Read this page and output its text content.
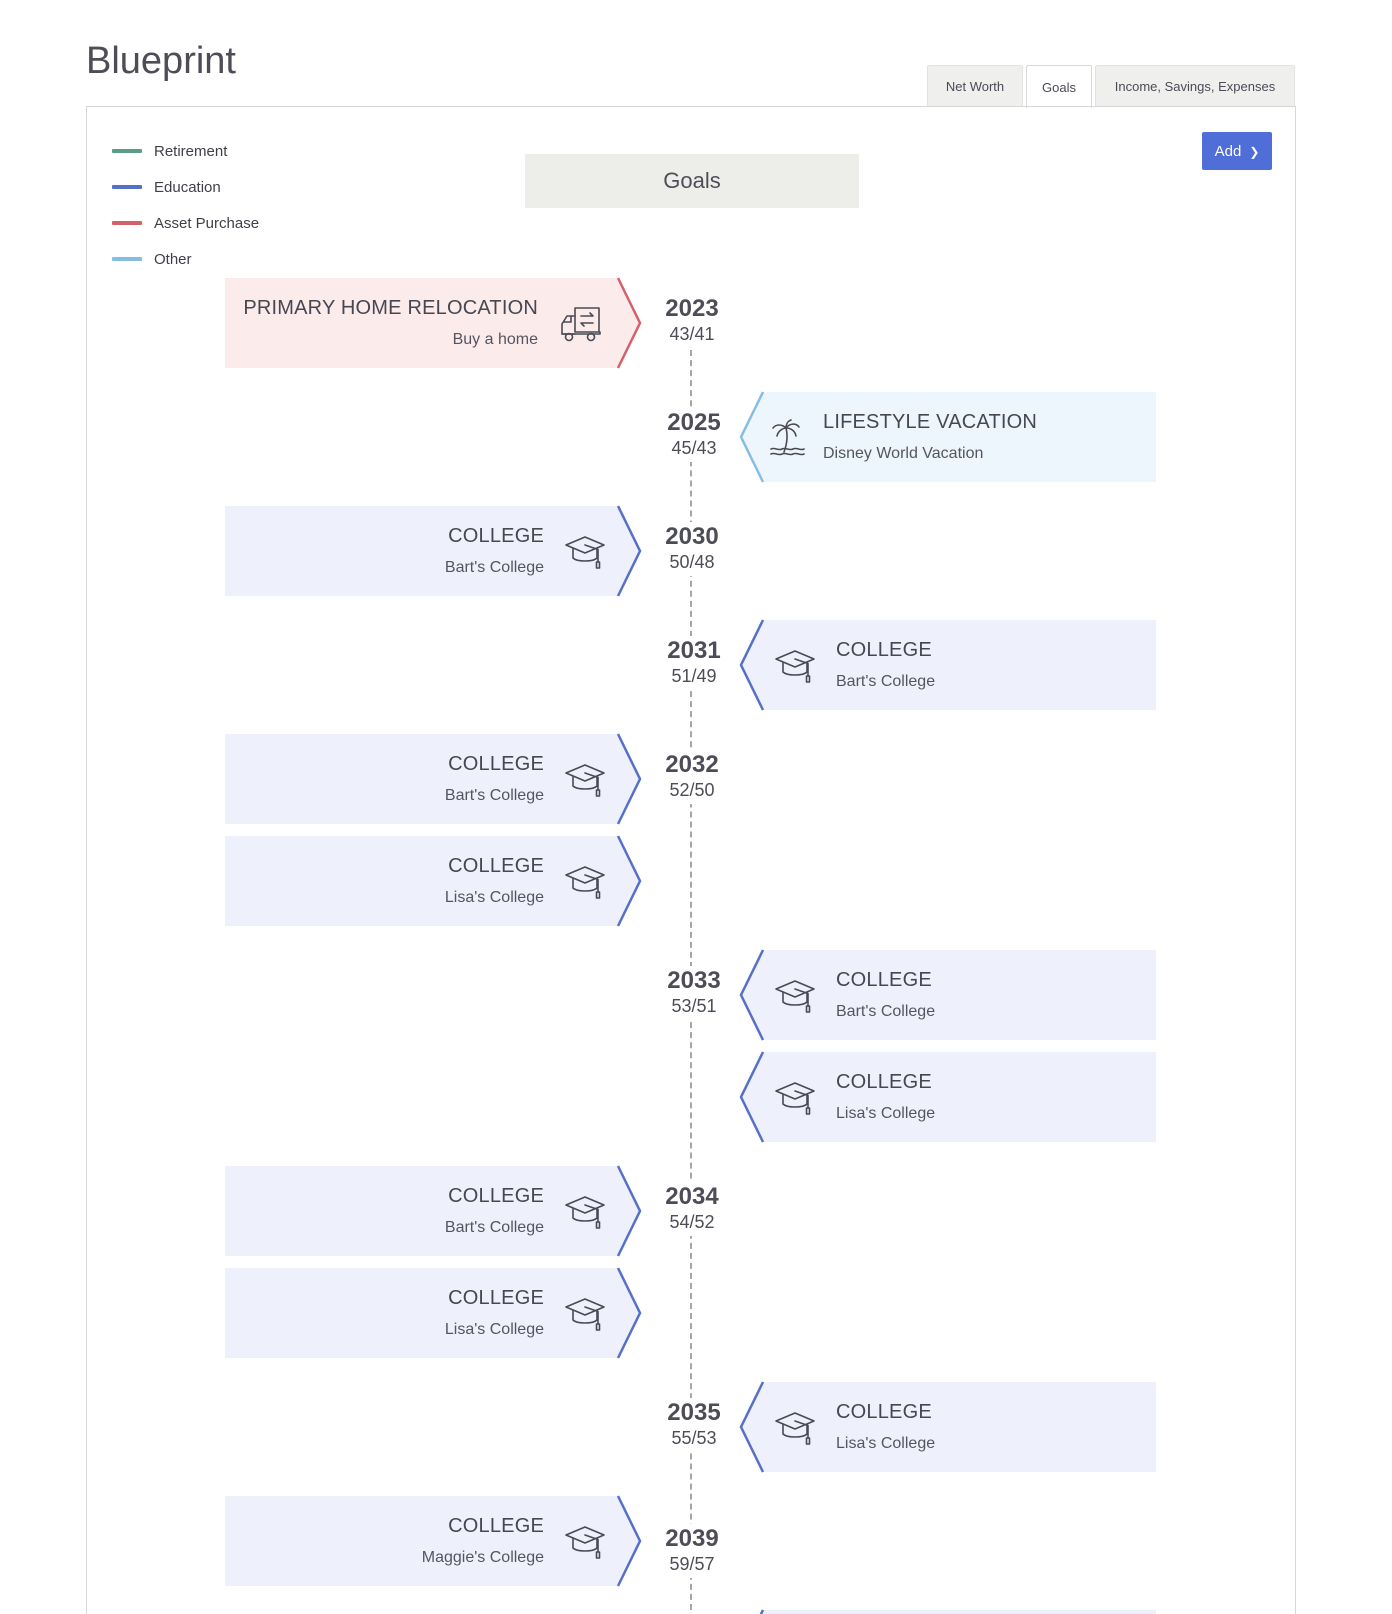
Blueprint
Net Worth	Goals	Income, Savings, Expenses
Retirement
Education
Asset Purchase
Other
Goals
Add ❯
2023
43/41
2025
45/43
2030
50/48
2031
51/49
2032
52/50
2033
53/51
2034
54/52
2035
55/53
2039
59/57
PRIMARY HOME RELOCATION
Buy a home
LIFESTYLE VACATION
Disney World Vacation
COLLEGE
Bart's College
COLLEGE
Bart's College
COLLEGE
Bart's College
COLLEGE
Lisa's College
COLLEGE
Bart's College
COLLEGE
Lisa's College
COLLEGE
Bart's College
COLLEGE
Lisa's College
COLLEGE
Lisa's College
COLLEGE
Maggie's College
